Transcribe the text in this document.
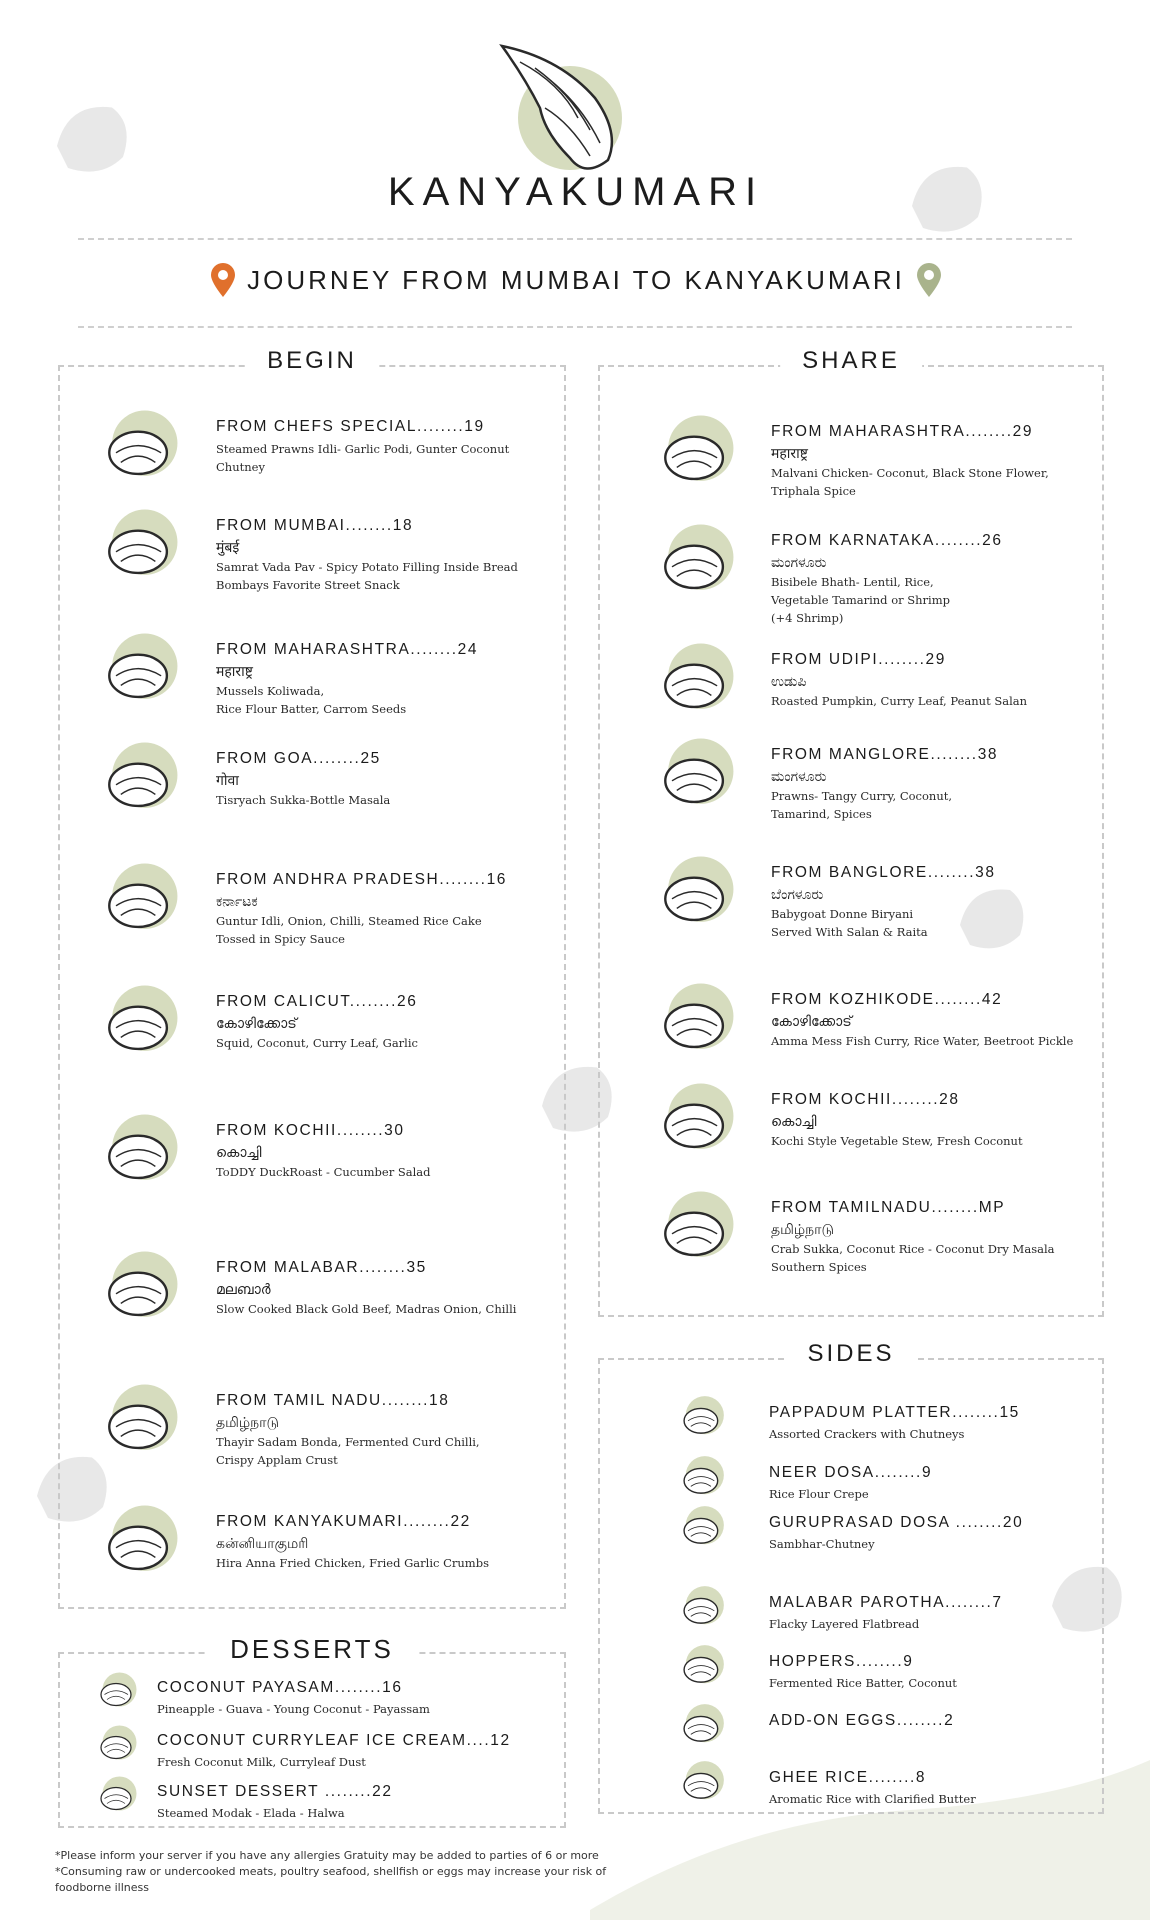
KANYAKUMARI
JOURNEY FROM MUMBAI TO KANYAKUMARI
BEGIN	SHARE
SIDES
DESSERTS
FROM CHEFS SPECIAL........19
Steamed Prawns Idli- Garlic Podi, Gunter Coconut
Chutney
FROM MUMBAI........18
मुंबई
Samrat Vada Pav - Spicy Potato Filling Inside Bread
Bombays Favorite Street Snack
FROM MAHARASHTRA........24
महाराष्ट्र
Mussels Koliwada,
Rice Flour Batter, Carrom Seeds
FROM GOA........25
गोवा
Tisryach Sukka-Bottle Masala
FROM ANDHRA PRADESH........16
ಕರ್ನಾಟಕ
Guntur Idli, Onion, Chilli, Steamed Rice Cake
Tossed in Spicy Sauce
FROM CALICUT........26
കോഴിക്കോട്
Squid, Coconut, Curry Leaf, Garlic
FROM KOCHII........30
കൊച്ചി
ToDDY DuckRoast - Cucumber Salad
FROM MALABAR........35
മലബാർ
Slow Cooked Black Gold Beef, Madras Onion, Chilli
FROM TAMIL NADU........18
தமிழ்நாடு
Thayir Sadam Bonda, Fermented Curd Chilli,
Crispy Applam Crust
FROM KANYAKUMARI........22
கன்னியாகுமரி
Hira Anna Fried Chicken, Fried Garlic Crumbs
FROM MAHARASHTRA........29
महाराष्ट्र
Malvani Chicken- Coconut, Black Stone Flower,
Triphala Spice
FROM KARNATAKA........26
ಮಂಗಳೂರು
Bisibele Bhath- Lentil, Rice,
Vegetable Tamarind or Shrimp
(+4 Shrimp)
FROM UDIPI........29
ಉಡುಪಿ
Roasted Pumpkin, Curry Leaf, Peanut Salan
FROM MANGLORE........38
ಮಂಗಳೂರು
Prawns- Tangy Curry, Coconut,
Tamarind, Spices
FROM BANGLORE........38
ಬೆಂಗಳೂರು
Babygoat Donne Biryani
Served With Salan & Raita
FROM KOZHIKODE........42
കോഴിക്കോട്
Amma Mess Fish Curry, Rice Water, Beetroot Pickle
FROM KOCHII........28
കൊച്ചി
Kochi Style Vegetable Stew, Fresh Coconut
FROM TAMILNADU........MP
தமிழ்நாடு
Crab Sukka, Coconut Rice - Coconut Dry Masala
Southern Spices
PAPPADUM PLATTER........15
Assorted Crackers with Chutneys
NEER DOSA........9
Rice Flour Crepe
GURUPRASAD DOSA ........20
Sambhar-Chutney
MALABAR PAROTHA........7
Flacky Layered Flatbread
HOPPERS........9
Fermented Rice Batter, Coconut
ADD-ON EGGS........2
GHEE RICE........8
Aromatic Rice with Clarified Butter
COCONUT PAYASAM........16
Pineapple - Guava - Young Coconut - Payassam
COCONUT CURRYLEAF ICE CREAM....12
Fresh Coconut Milk, Curryleaf Dust
SUNSET DESSERT ........22
Steamed Modak - Elada - Halwa
*Please inform your server if you have any allergies Gratuity may be added to parties of 6 or more
*Consuming raw or undercooked meats, poultry seafood, shellfish or eggs may increase your risk of foodborne illness
